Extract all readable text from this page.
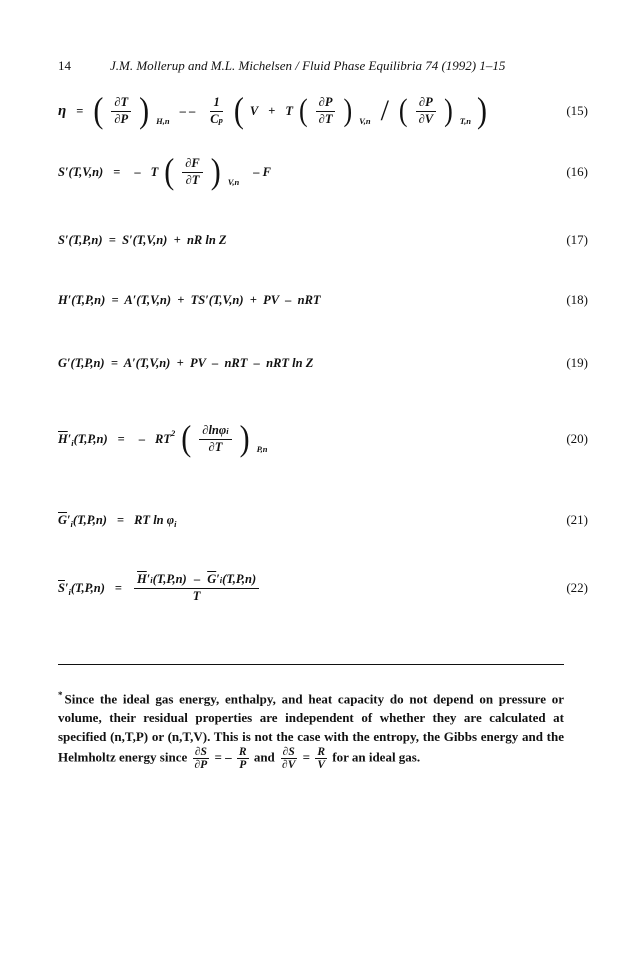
14	J.M. Mollerup and M.L. Michelsen / Fluid Phase Equilibria 74 (1992) 1–15
η = ( $\frac{\partial T}{\partial P}$ ) H,n
– – $\frac{1}{Cp}$ ( V + T ( $\frac{\partial P}{\partial T}$ ) V,n / ( $\frac{\partial P}{\partial V}$ ) T,n )	(15)
S′(T,V,n) = – T ( $\frac{\partial F}{\partial T}$ ) V,n
– F	(16)
S′(T,P,n)  =  S′(T,V,n)  +  nR ln Z	(17)
H′(T,P,n)  =  A′(T,V,n)  +  TS′(T,V,n)  +  PV  –  nRT	(18)
G′(T,P,n)  =  A′(T,V,n)  +  PV  –  nRT  –  nRT ln Z	(19)
$\overline{H}'_i(T,P,n)$ = – $RT^2$ ( $\frac{\partial\ln\varphi i}{\partial T}$ ) P,n
(20)
$\overline{G}'_i(T,P,n)$ = RT $\ln \varphi_i$	(21)
$\overline{S}'_i(T,P,n) = \frac{\overline{H}'i(T,P,n) - \overline{G}'i(T,P,n)}{T}$	(22)
* Since the ideal gas energy, enthalpy, and heat capacity do not depend on pressure or volume, their residual properties are independent of whether they are calculated at specified (n,T,P) or (n,T,V). This is not the case with the entropy, the Gibbs energy and the Helmholtz energy since $\frac{\partial S}{\partial P}$ = – $\frac{R}{P}$ and $\frac{\partial S}{\partial V} = \frac{R}{V}$ for an ideal gas.
